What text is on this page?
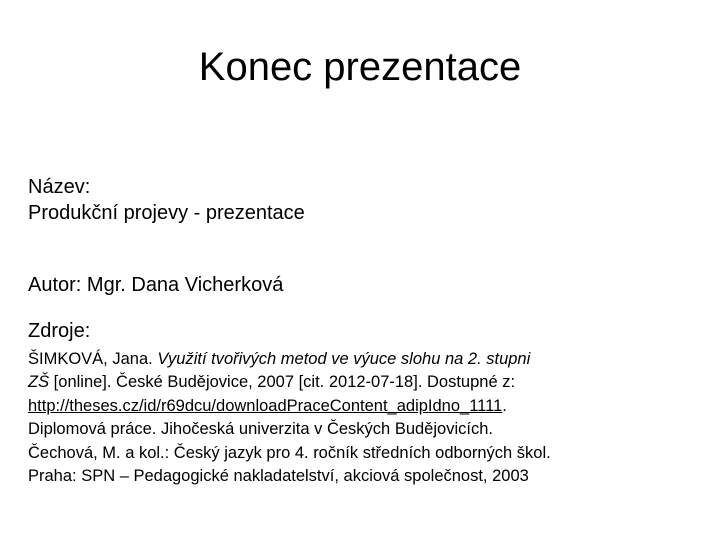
Konec prezentace
Název:
Produkční projevy - prezentace
Autor: Mgr. Dana Vicherková
Zdroje:
ŠIMKOVÁ, Jana. Využití tvořivých metod ve výuce slohu na 2. stupni
ZŠ [online]. České Budějovice, 2007 [cit. 2012-07-18]. Dostupné z:
http://theses.cz/id/r69dcu/downloadPraceContent_adipIdno_1111.
Diplomová práce. Jihočeská univerzita v Českých Budějovicích.
Čechová, M. a kol.: Český jazyk pro 4. ročník středních odborných škol.
Praha: SPN – Pedagogické nakladatelství, akciová společnost, 2003
